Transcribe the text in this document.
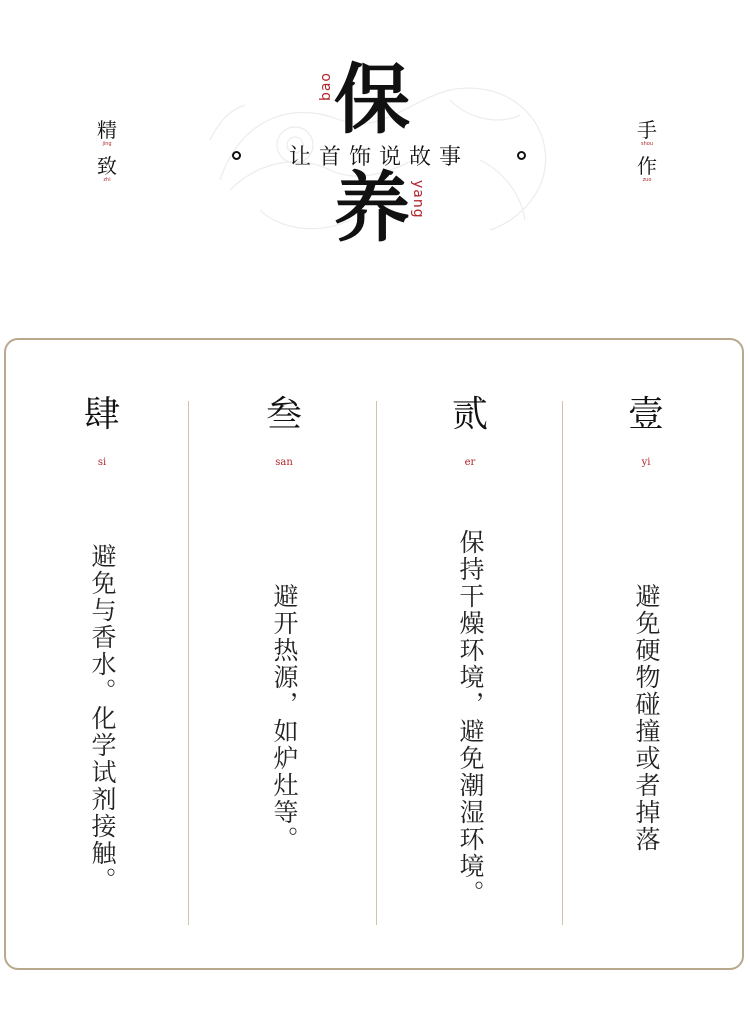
精
jing
致
zhi
手
shou
作
zuo
保
养
bao
yang
让首饰说故事
肆
si
避免与香水。化学试剂接触。
叁
san
避开热源，如炉灶等。
贰
er
保持干燥环境，避免潮湿环境。
壹
yi
避免硬物碰撞或者掉落
